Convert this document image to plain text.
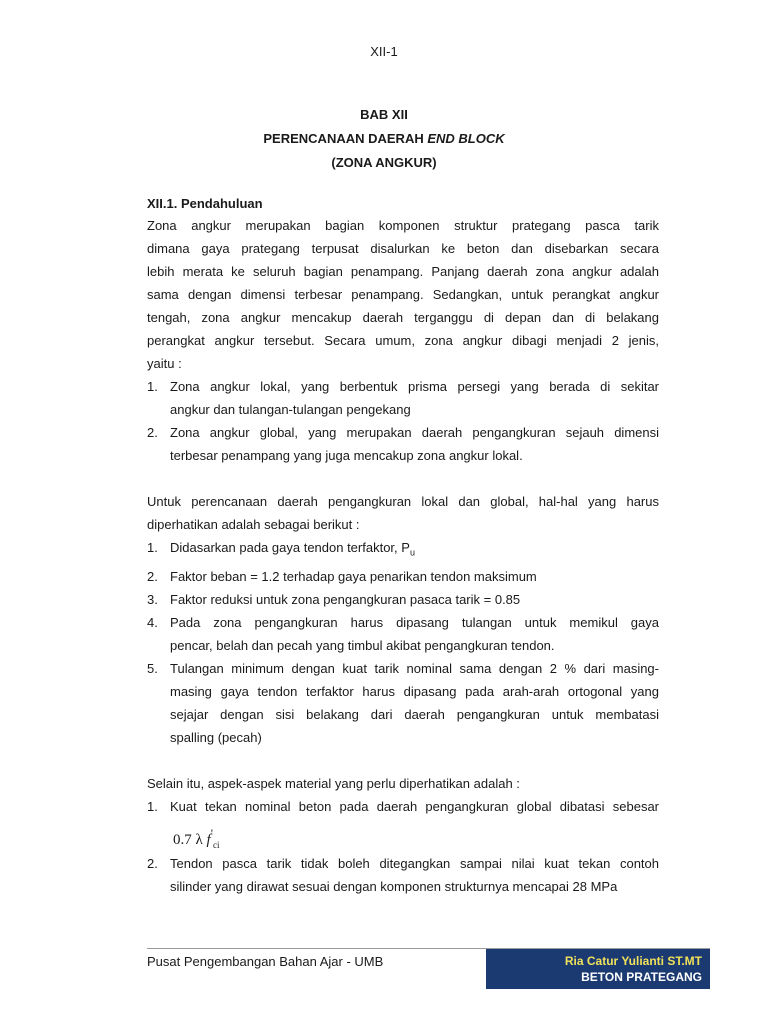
XII-1
BAB XII
PERENCANAAN DAERAH END BLOCK
(ZONA ANGKUR)
XII.1. Pendahuluan
Zona angkur merupakan bagian komponen struktur prategang pasca tarik
dimana gaya prategang terpusat disalurkan ke beton dan disebarkan secara
lebih merata ke seluruh bagian penampang. Panjang daerah zona angkur adalah
sama dengan dimensi terbesar penampang. Sedangkan, untuk perangkat angkur
tengah, zona angkur mencakup daerah terganggu di depan dan di belakang
perangkat angkur tersebut. Secara umum, zona angkur dibagi menjadi 2 jenis,
yaitu :
1. Zona angkur lokal, yang berbentuk prisma persegi yang berada di sekitar
angkur dan tulangan-tulangan pengekang
2. Zona angkur global, yang merupakan daerah pengangkuran sejauh dimensi
terbesar penampang yang juga mencakup zona angkur lokal.
Untuk perencanaan daerah pengangkuran lokal dan global, hal-hal yang harus
diperhatikan adalah sebagai berikut :
1. Didasarkan pada gaya tendon terfaktor, $P_u$
2. Faktor beban = 1.2 terhadap gaya penarikan tendon maksimum
3. Faktor reduksi untuk zona pengangkuran pasaca tarik = 0.85
4. Pada zona pengangkuran harus dipasang tulangan untuk memikul gaya
pencar, belah dan pecah yang timbul akibat pengangkuran tendon.
5. Tulangan minimum dengan kuat tarik nominal sama dengan 2 % dari masing-
masing gaya tendon terfaktor harus dipasang pada arah-arah ortogonal yang
sejajar dengan sisi belakang dari daerah pengangkuran untuk membatasi
spalling (pecah)
Selain itu, aspek-aspek material yang perlu diperhatikan adalah :
1. Kuat tekan nominal beton pada daerah pengangkuran global dibatasi sebesar
0.7 λ $f'_{ci}$
2. Tendon pasca tarik tidak boleh ditegangkan sampai nilai kuat tekan contoh
silinder yang dirawat sesuai dengan komponen strukturnya mencapai 28 MPa
Pusat Pengembangan Bahan Ajar - UMB	Ria Catur Yulianti ST.MT
BETON PRATEGANG
